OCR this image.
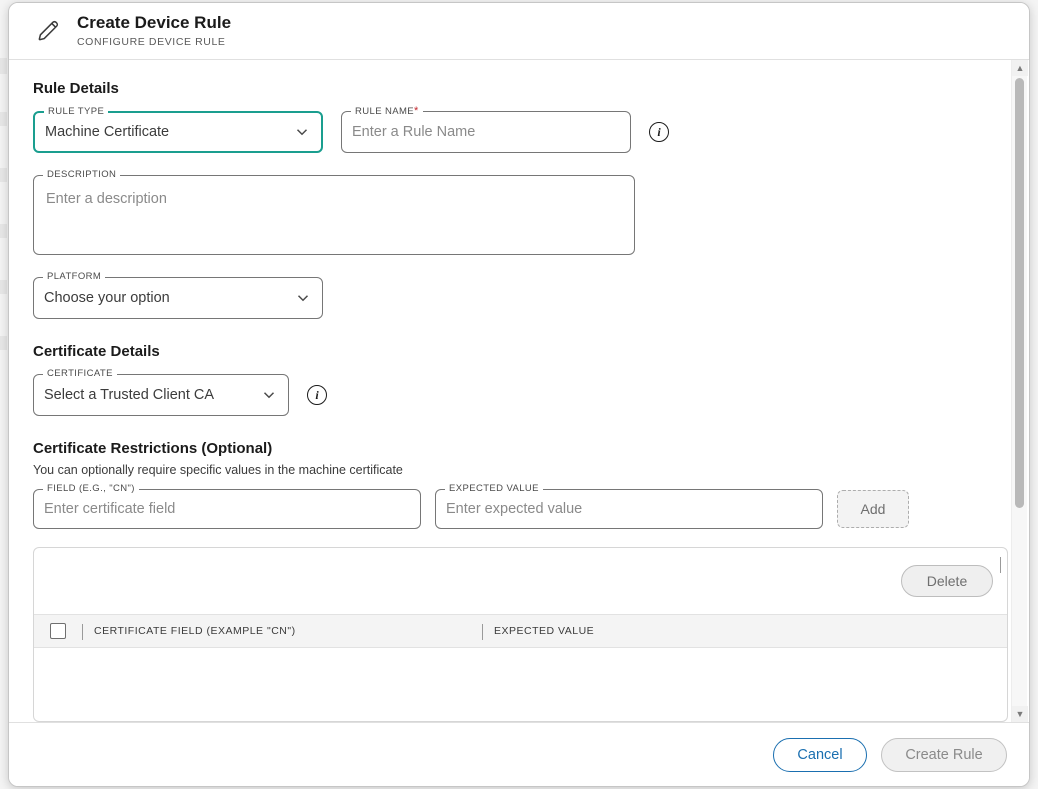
Create Device Rule
CONFIGURE DEVICE RULE
▲
▼
Rule Details
RULE TYPE
Machine Certificate
RULE NAME*
Enter a Rule Name	i
DESCRIPTION
Enter a description
PLATFORM
Choose your option
Certificate Details
CERTIFICATE
Select a Trusted Client CA	i
Certificate Restrictions (Optional)
You can optionally require specific values in the machine certificate
FIELD (E.G., "CN")
Enter certificate field
EXPECTED VALUE
Enter expected value	Add
Delete
CERTIFICATE FIELD (EXAMPLE "CN")	EXPECTED VALUE
Cancel	Create Rule
